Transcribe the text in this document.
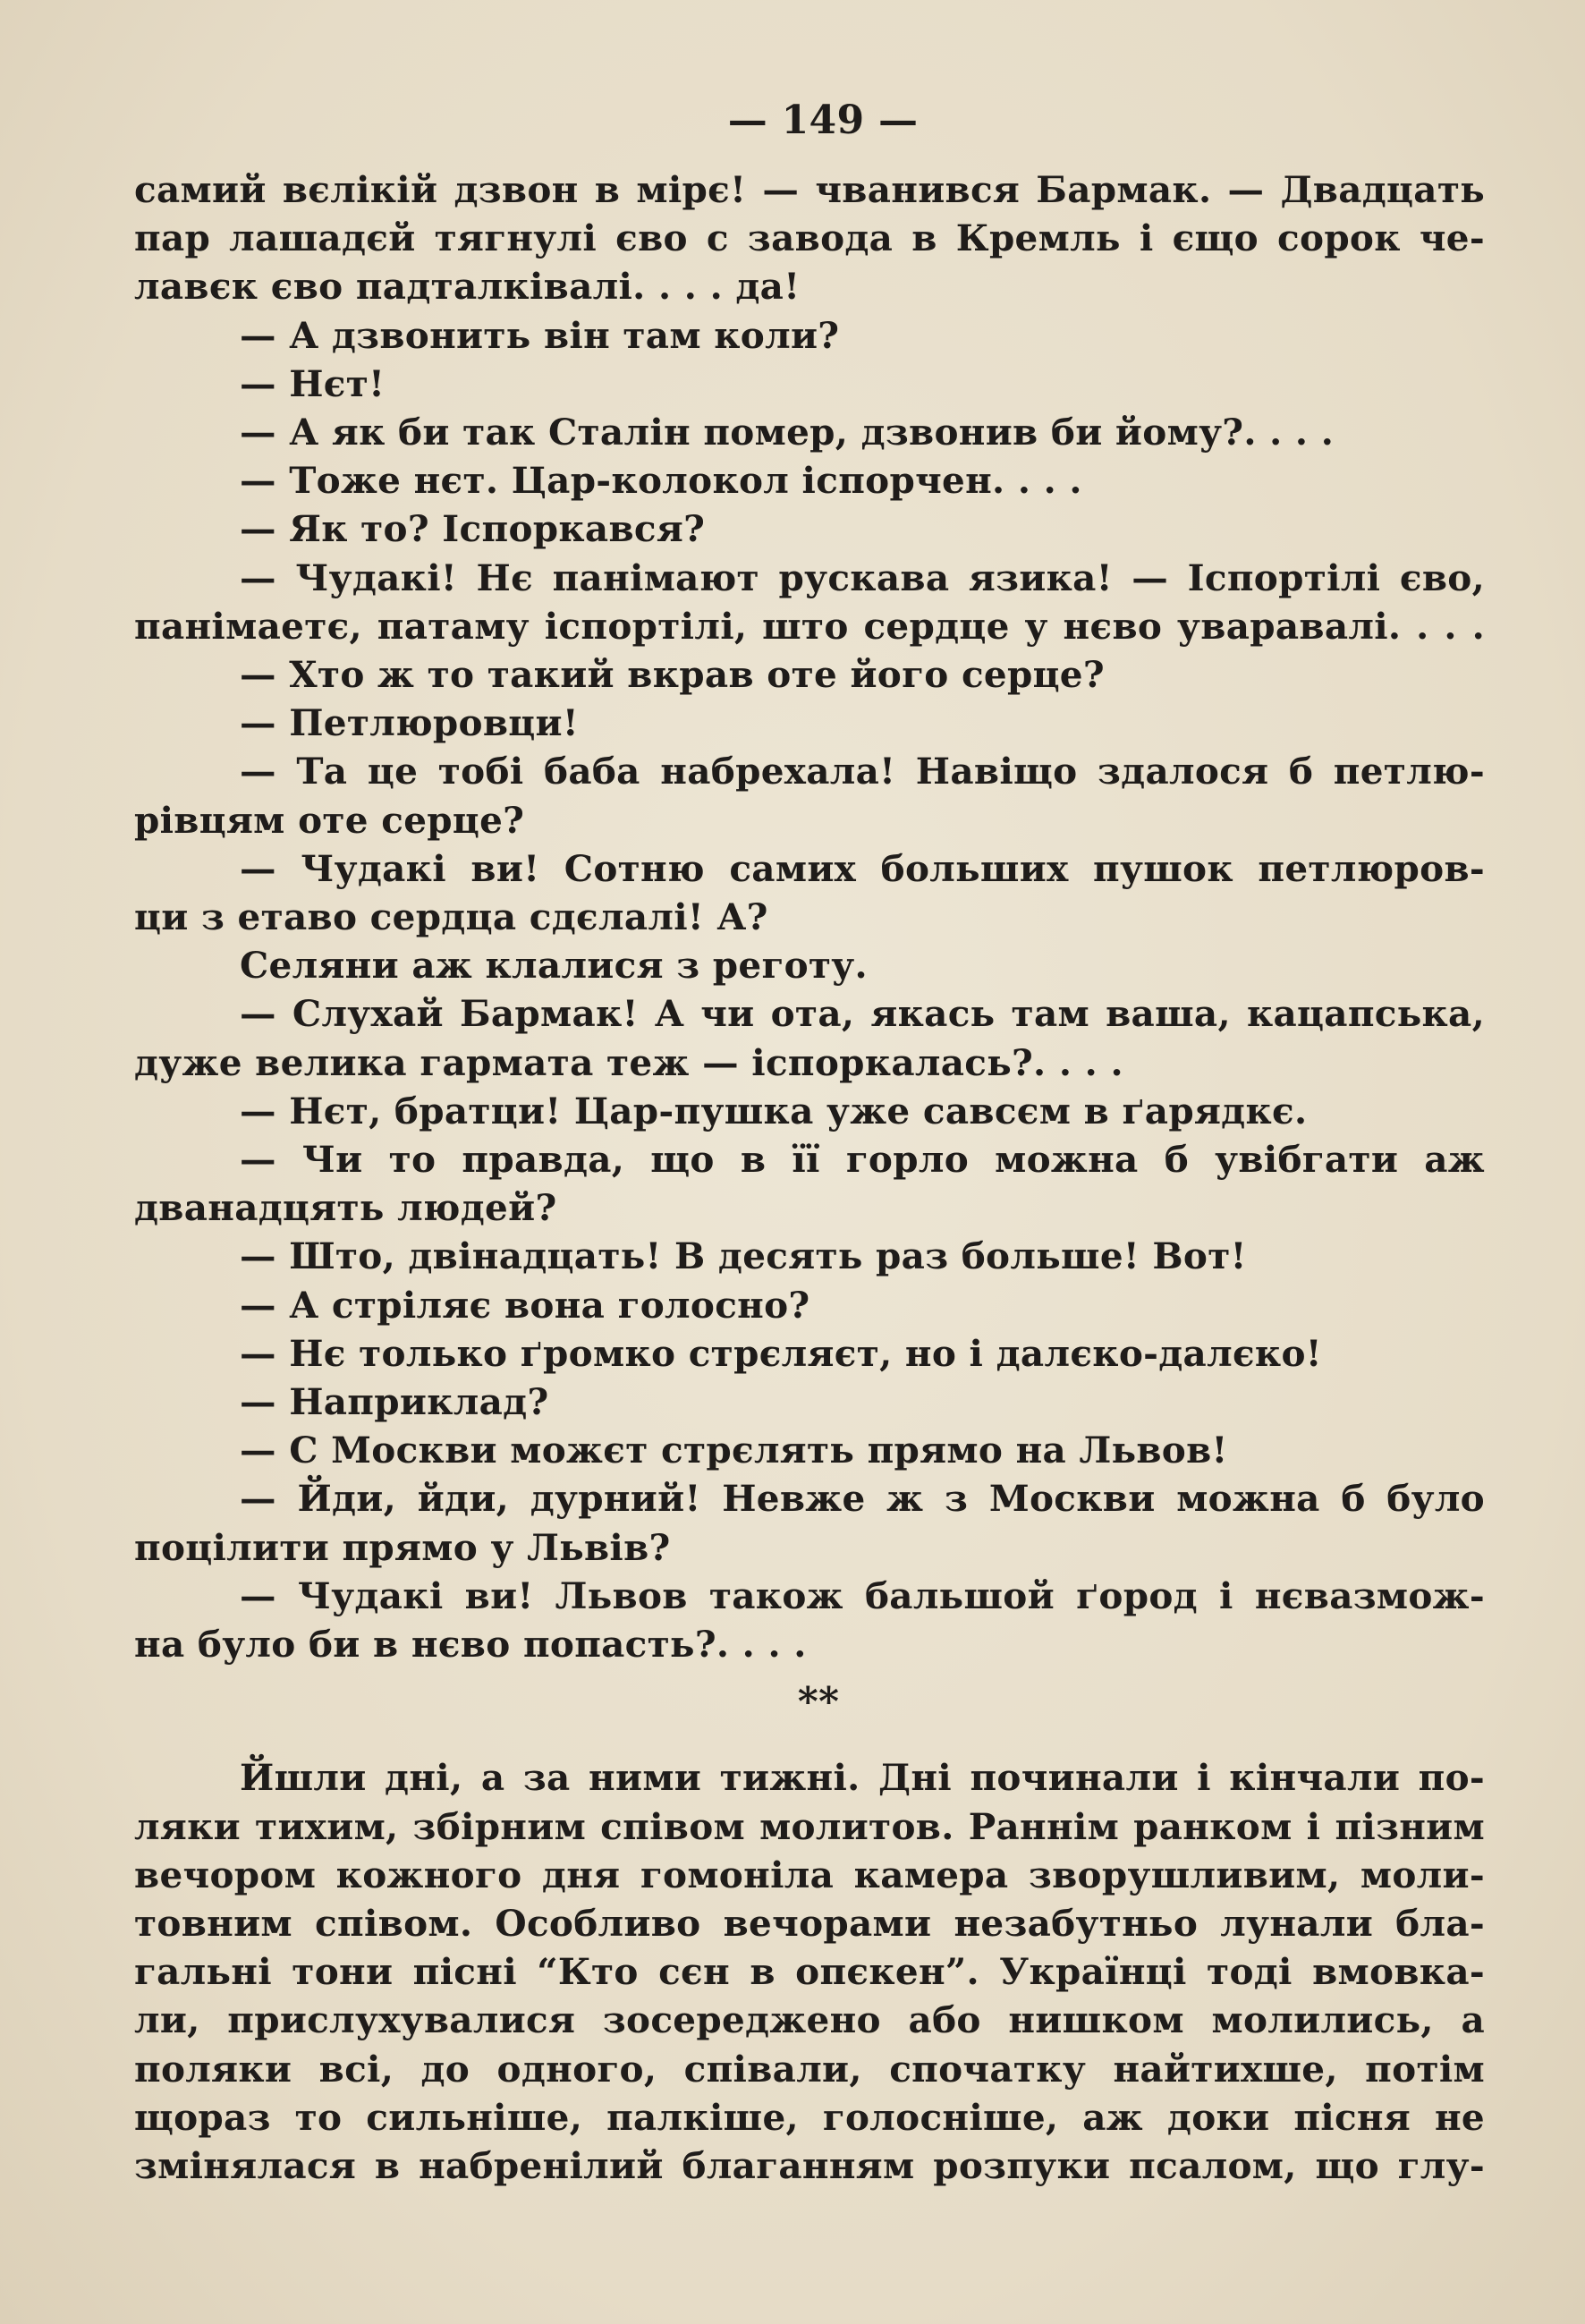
— 149 —
самий вєлікій дзвон в мірє! — чванився Бармак. — Двадцать
пар лашадєй тягнулі єво с завода в Кремль і єщо сорок че-
лавєк єво падталківалі. . . . да!
— А дзвонить він там коли?
— Нєт!
— А як би так Сталін помер, дзвонив би йому?. . . .
— Тоже нєт. Цар-колокол іспорчен. . . .
— Як то? Іспоркався?
— Чудакі! Нє панімают рускава язика! — Іспортілі єво,
панімаетє, патаму іспортілі, што сердце у нєво уваравалі. . . .
— Хто ж то такий вкрав оте його серце?
— Петлюровци!
— Та це тобі баба набрехала! Навіщо здалося б петлю-
рівцям оте серце?
— Чудакі ви! Сотню самих больших пушок петлюров-
ци з етаво сердца сдєлалі! А?
Селяни аж клалися з реготу.
— Слухай Бармак! А чи ота, якась там ваша, кацапська,
дуже велика гармата теж — іспоркалась?. . . .
— Нєт, братци! Цар-пушка уже савсєм в ґарядкє.
— Чи то правда, що в її горло можна б увібгати аж
дванадцять людей?
— Што, двінадцать! В десять раз больше! Вот!
— А стріляє вона голосно?
— Нє только ґромко стрєляєт, но і далєко-далєко!
— Наприклад?
— С Москви можєт стрєлять прямо на Львов!
— Йди, йди, дурний! Невже ж з Москви можна б було
поцілити прямо у Львів?
— Чудакі ви! Львов також бальшой ґород і нєвазмож-
на було би в нєво попасть?. . . .
**
Йшли дні, а за ними тижні. Дні починали і кінчали по-
ляки тихим, збірним співом молитов. Раннім ранком і пізним
вечором кожного дня гомоніла камера зворушливим, моли-
товним співом. Особливо вечорами незабутньо лунали бла-
гальні тони пісні “Кто сєн в опєкен”. Українці тоді вмовка-
ли, прислухувалися зосереджено або нишком молились, а
поляки всі, до одного, співали, спочатку найтихше, потім
щораз то сильніше, палкіше, голосніше, аж доки пісня не
змінялася в набренілий благанням розпуки псалом, що глу-
